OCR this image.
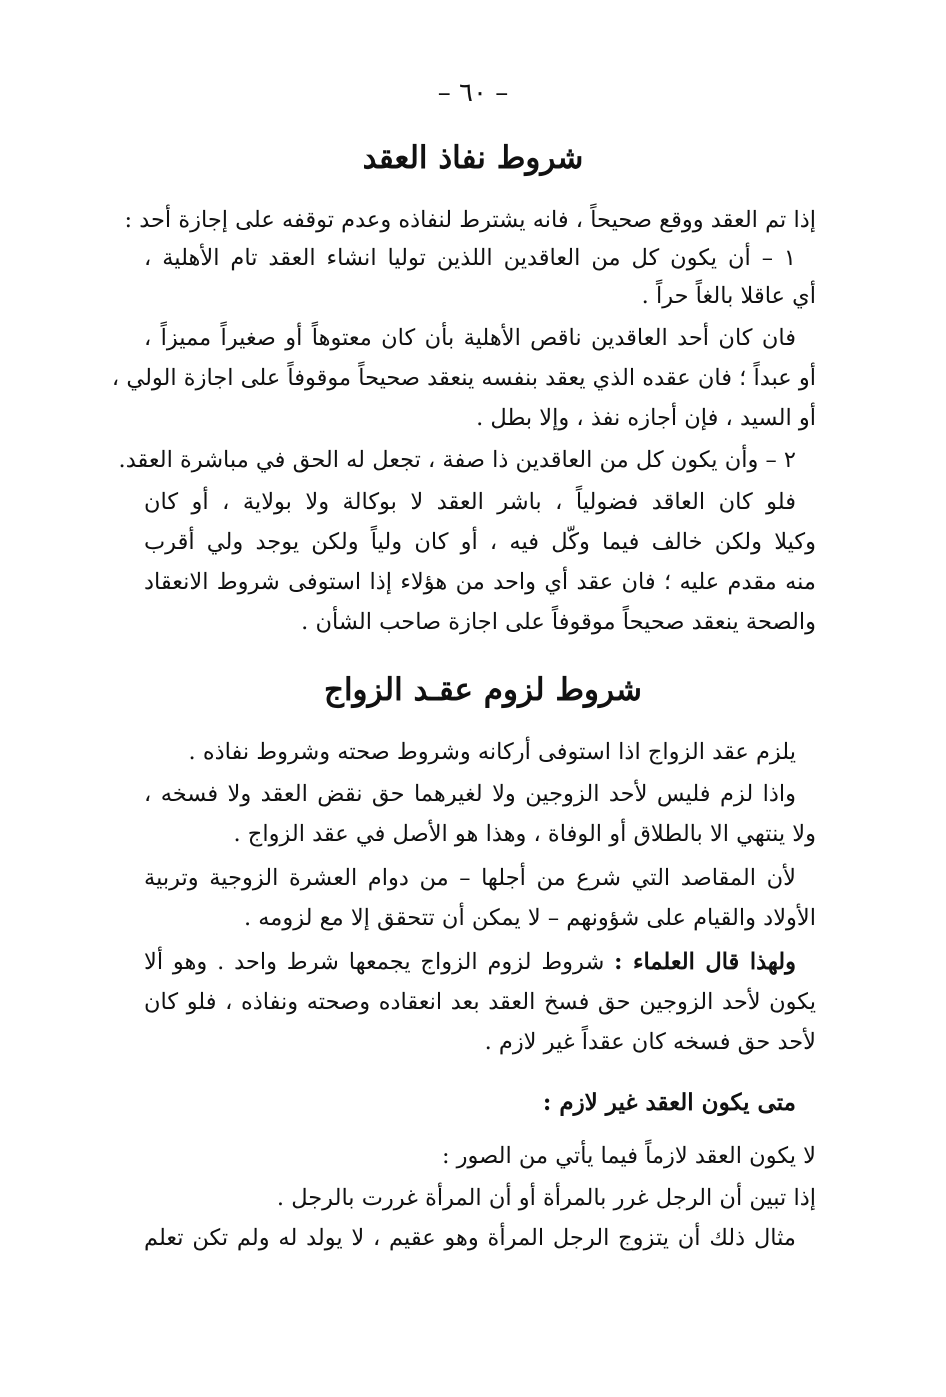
– ٦٠ –
شروط نفاذ العقد
إذا تم العقد ووقع صحيحاً ، فانه يشترط لنفاذه وعدم توقفه على إجازة أحد :
١ – أن يكون كل من العاقدين اللذين توليا انشاء العقد تام الأهلية ،
أي عاقلا بالغاً حراً .
فان كان أحد العاقدين ناقص الأهلية بأن كان معتوهاً أو صغيراً مميزاً ،
أو عبداً ؛ فان عقده الذي يعقد بنفسه ينعقد صحيحاً موقوفاً على اجازة الولي ،
أو السيد ، فإن أجازه نفذ ، وإلا بطل .
٢ – وأن يكون كل من العاقدين ذا صفة ، تجعل له الحق في مباشرة العقد.
فلو كان العاقد فضولياً ، باشر العقد لا بوكالة ولا بولاية ، أو كان
وكيلا ولكن خالف فيما وكّل فيه ، أو كان ولياً ولكن يوجد ولي أقرب
منه مقدم عليه ؛ فان عقد أي واحد من هؤلاء إذا استوفى شروط الانعقاد
والصحة ينعقد صحيحاً موقوفاً على اجازة صاحب الشأن .
شروط لزوم عقـد الزواج
يلزم عقد الزواج اذا استوفى أركانه وشروط صحته وشروط نفاذه .
واذا لزم فليس لأحد الزوجين ولا لغيرهما حق نقض العقد ولا فسخه ،
ولا ينتهي الا بالطلاق أو الوفاة ، وهذا هو الأصل في عقد الزواج .
لأن المقاصد التي شرع من أجلها – من دوام العشرة الزوجية وتربية
الأولاد والقيام على شؤونهم – لا يمكن أن تتحقق إلا مع لزومه .
ولهذا قال العلماء : شروط لزوم الزواج يجمعها شرط واحد . وهو ألا
يكون لأحد الزوجين حق فسخ العقد بعد انعقاده وصحته ونفاذه ، فلو كان
لأحد حق فسخه كان عقداً غير لازم .
متى يكون العقد غير لازم :
لا يكون العقد لازماً فيما يأتي من الصور :
إذا تبين أن الرجل غرر بالمرأة أو أن المرأة غررت بالرجل .
مثال ذلك أن يتزوج الرجل المرأة وهو عقيم ، لا يولد له ولم تكن تعلم
